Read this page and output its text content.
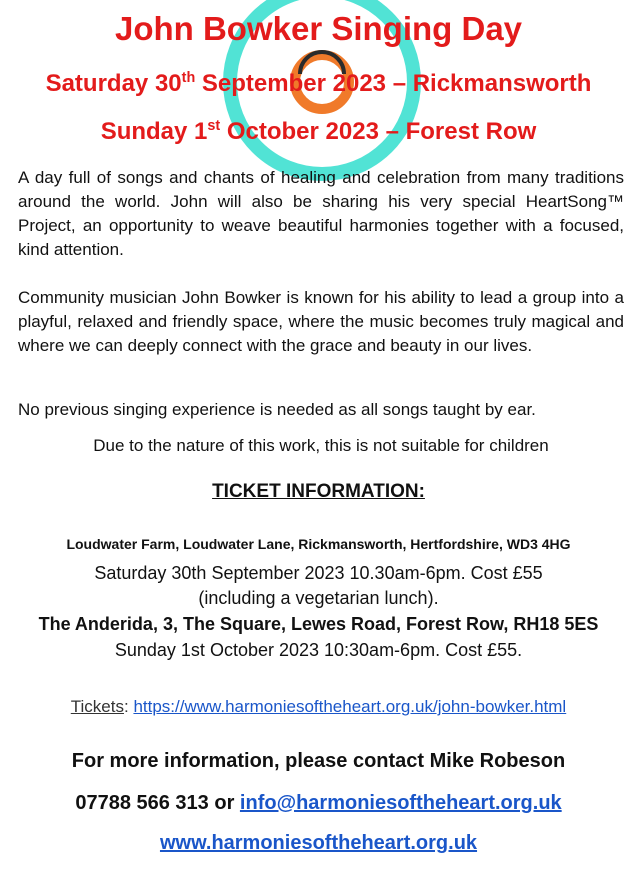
John Bowker Singing Day

Saturday 30th September 2023 – Rickmansworth

Sunday 1st October 2023 – Forest Row

A day full of songs and chants of healing and celebration from many traditions around the world. John will also be sharing his very special HeartSong™ Project, an opportunity to weave beautiful harmonies together with a focused, kind attention.

Community musician John Bowker is known for his ability to lead a group into a playful, relaxed and friendly space, where the music becomes truly magical and where we can deeply connect with the grace and beauty in our lives.

No previous singing experience is needed as all songs taught by ear.

Due to the nature of this work, this is not suitable for children

TICKET INFORMATION:

Loudwater Farm, Loudwater Lane, Rickmansworth, Hertfordshire, WD3 4HG

Saturday 30th September 2023 10.30am-6pm. Cost £55 (including a vegetarian lunch).

The Anderida, 3, The Square, Lewes Road, Forest Row, RH18 5ES

Sunday 1st October 2023 10:30am-6pm. Cost £55.

Tickets: https://www.harmoniesoftheheart.org.uk/john-bowker.html

For more information, please contact Mike Robeson

07788 566 313 or info@harmoniesoftheheart.org.uk

www.harmoniesoftheheart.org.uk
